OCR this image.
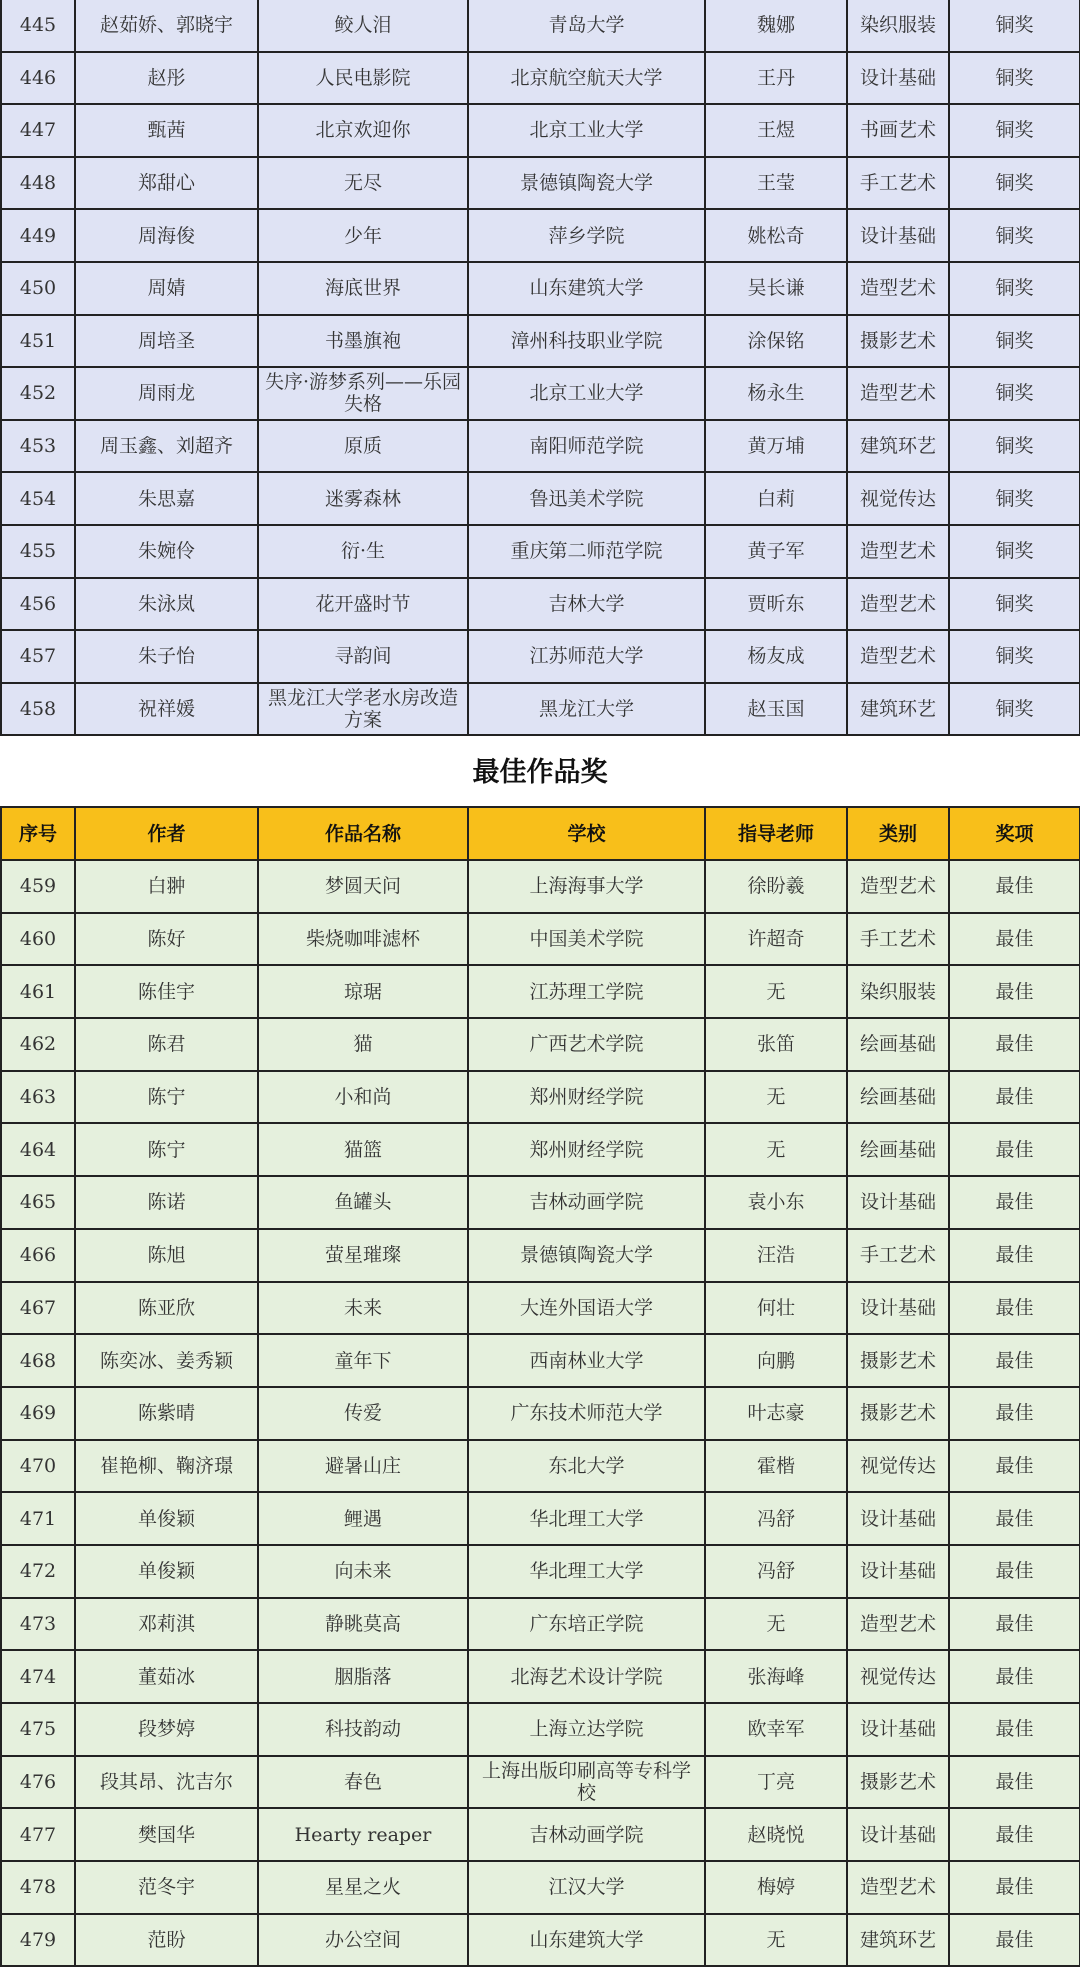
445	赵茹娇、郭晓宇	鲛人泪	青岛大学	魏娜	染织服装	铜奖
446	赵彤	人民电影院	北京航空航天大学	王丹	设计基础	铜奖
447	甄茜	北京欢迎你	北京工业大学	王煜	书画艺术	铜奖
448	郑甜心	无尽	景德镇陶瓷大学	王莹	手工艺术	铜奖
449	周海俊	少年	萍乡学院	姚松奇	设计基础	铜奖
450	周婧	海底世界	山东建筑大学	吴长谦	造型艺术	铜奖
451	周培圣	书墨旗袍	漳州科技职业学院	涂保铭	摄影艺术	铜奖
452	周雨龙	失序·游梦系列——乐园失格	北京工业大学	杨永生	造型艺术	铜奖
453	周玉鑫、刘超齐	原质	南阳师范学院	黄万埔	建筑环艺	铜奖
454	朱思嘉	迷雾森林	鲁迅美术学院	白莉	视觉传达	铜奖
455	朱婉伶	衍·生	重庆第二师范学院	黄子军	造型艺术	铜奖
456	朱泳岚	花开盛时节	吉林大学	贾昕东	造型艺术	铜奖
457	朱子怡	寻韵间	江苏师范大学	杨友成	造型艺术	铜奖
458	祝祥媛	黑龙江大学老水房改造方案	黑龙江大学	赵玉国	建筑环艺	铜奖
最佳作品奖
序号	作者	作品名称	学校	指导老师	类别	奖项
459	白翀	梦圆天问	上海海事大学	徐盼羲	造型艺术	最佳
460	陈好	柴烧咖啡滤杯	中国美术学院	许超奇	手工艺术	最佳
461	陈佳宇	琼琚	江苏理工学院	无	染织服装	最佳
462	陈君	猫	广西艺术学院	张笛	绘画基础	最佳
463	陈宁	小和尚	郑州财经学院	无	绘画基础	最佳
464	陈宁	猫篮	郑州财经学院	无	绘画基础	最佳
465	陈诺	鱼罐头	吉林动画学院	袁小东	设计基础	最佳
466	陈旭	萤星璀璨	景德镇陶瓷大学	汪浩	手工艺术	最佳
467	陈亚欣	未来	大连外国语大学	何壮	设计基础	最佳
468	陈奕冰、姜秀颖	童年下	西南林业大学	向鹏	摄影艺术	最佳
469	陈紫晴	传爱	广东技术师范大学	叶志豪	摄影艺术	最佳
470	崔艳柳、鞠济璟	避暑山庄	东北大学	霍楷	视觉传达	最佳
471	单俊颖	鲤遇	华北理工大学	冯舒	设计基础	最佳
472	单俊颖	向未来	华北理工大学	冯舒	设计基础	最佳
473	邓莉淇	静眺莫高	广东培正学院	无	造型艺术	最佳
474	董茹冰	胭脂落	北海艺术设计学院	张海峰	视觉传达	最佳
475	段梦婷	科技韵动	上海立达学院	欧幸军	设计基础	最佳
476	段其昂、沈吉尔	春色	上海出版印刷高等专科学校	丁亮	摄影艺术	最佳
477	樊国华	Hearty reaper	吉林动画学院	赵晓悦	设计基础	最佳
478	范冬宇	星星之火	江汉大学	梅婷	造型艺术	最佳
479	范盼	办公空间	山东建筑大学	无	建筑环艺	最佳
